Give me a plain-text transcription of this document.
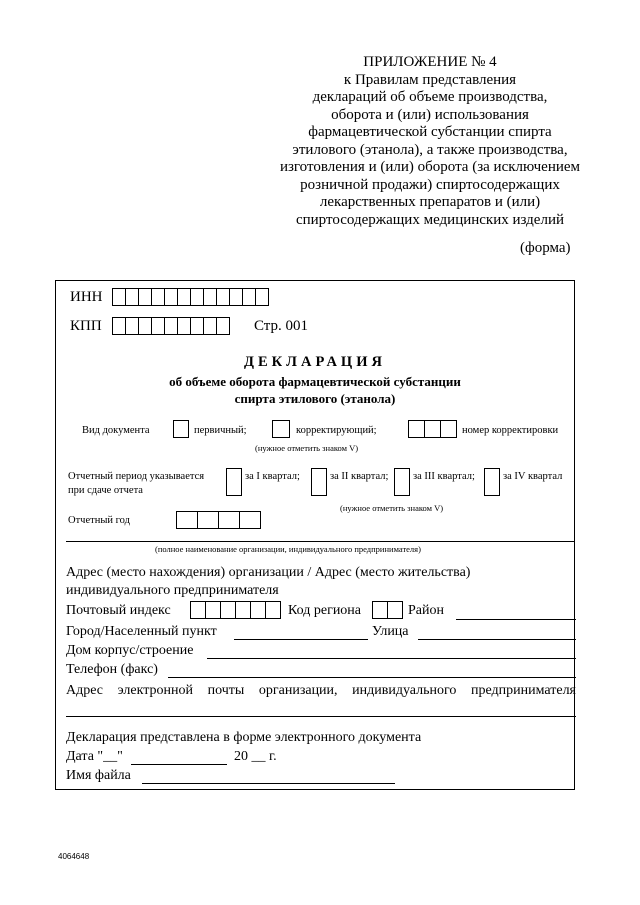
ПРИЛОЖЕНИЕ № 4
к Правилам представления
деклараций об объеме производства,
оборота и (или) использования
фармацевтической субстанции спирта
этилового (этанола), а также производства,
изготовления и (или) оборота (за исключением
розничной продажи) спиртосодержащих
лекарственных препаратов и (или)
спиртосодержащих медицинских изделий
(форма)
ИНН
КПП	Стр. 001
ДЕКЛАРАЦИЯ
об объеме оборота фармацевтической субстанции
спирта этилового (этанола)
Вид документа	первичный;	корректирующий;	номер корректировки
(нужное отметить знаком V)
Отчетный период указывается
при сдаче отчета
за I квартал;	за II квартал; за III квартал;	за IV квартал
(нужное отметить знаком V)
Отчетный год
(полное наименование организации, индивидуального предпринимателя)
Адрес (место нахождения) организации / Адрес (место жительства)
индивидуального предпринимателя
Почтовый индекс	Код региона	Район
Город/Населенный пункт	Улица
Дом корпус/строение
Телефон (факс)
Адрес электронной почты организации, индивидуального предпринимателя
Декларация представлена в форме электронного документа
Дата "__"	20 __ г.
Имя файла
4064648
